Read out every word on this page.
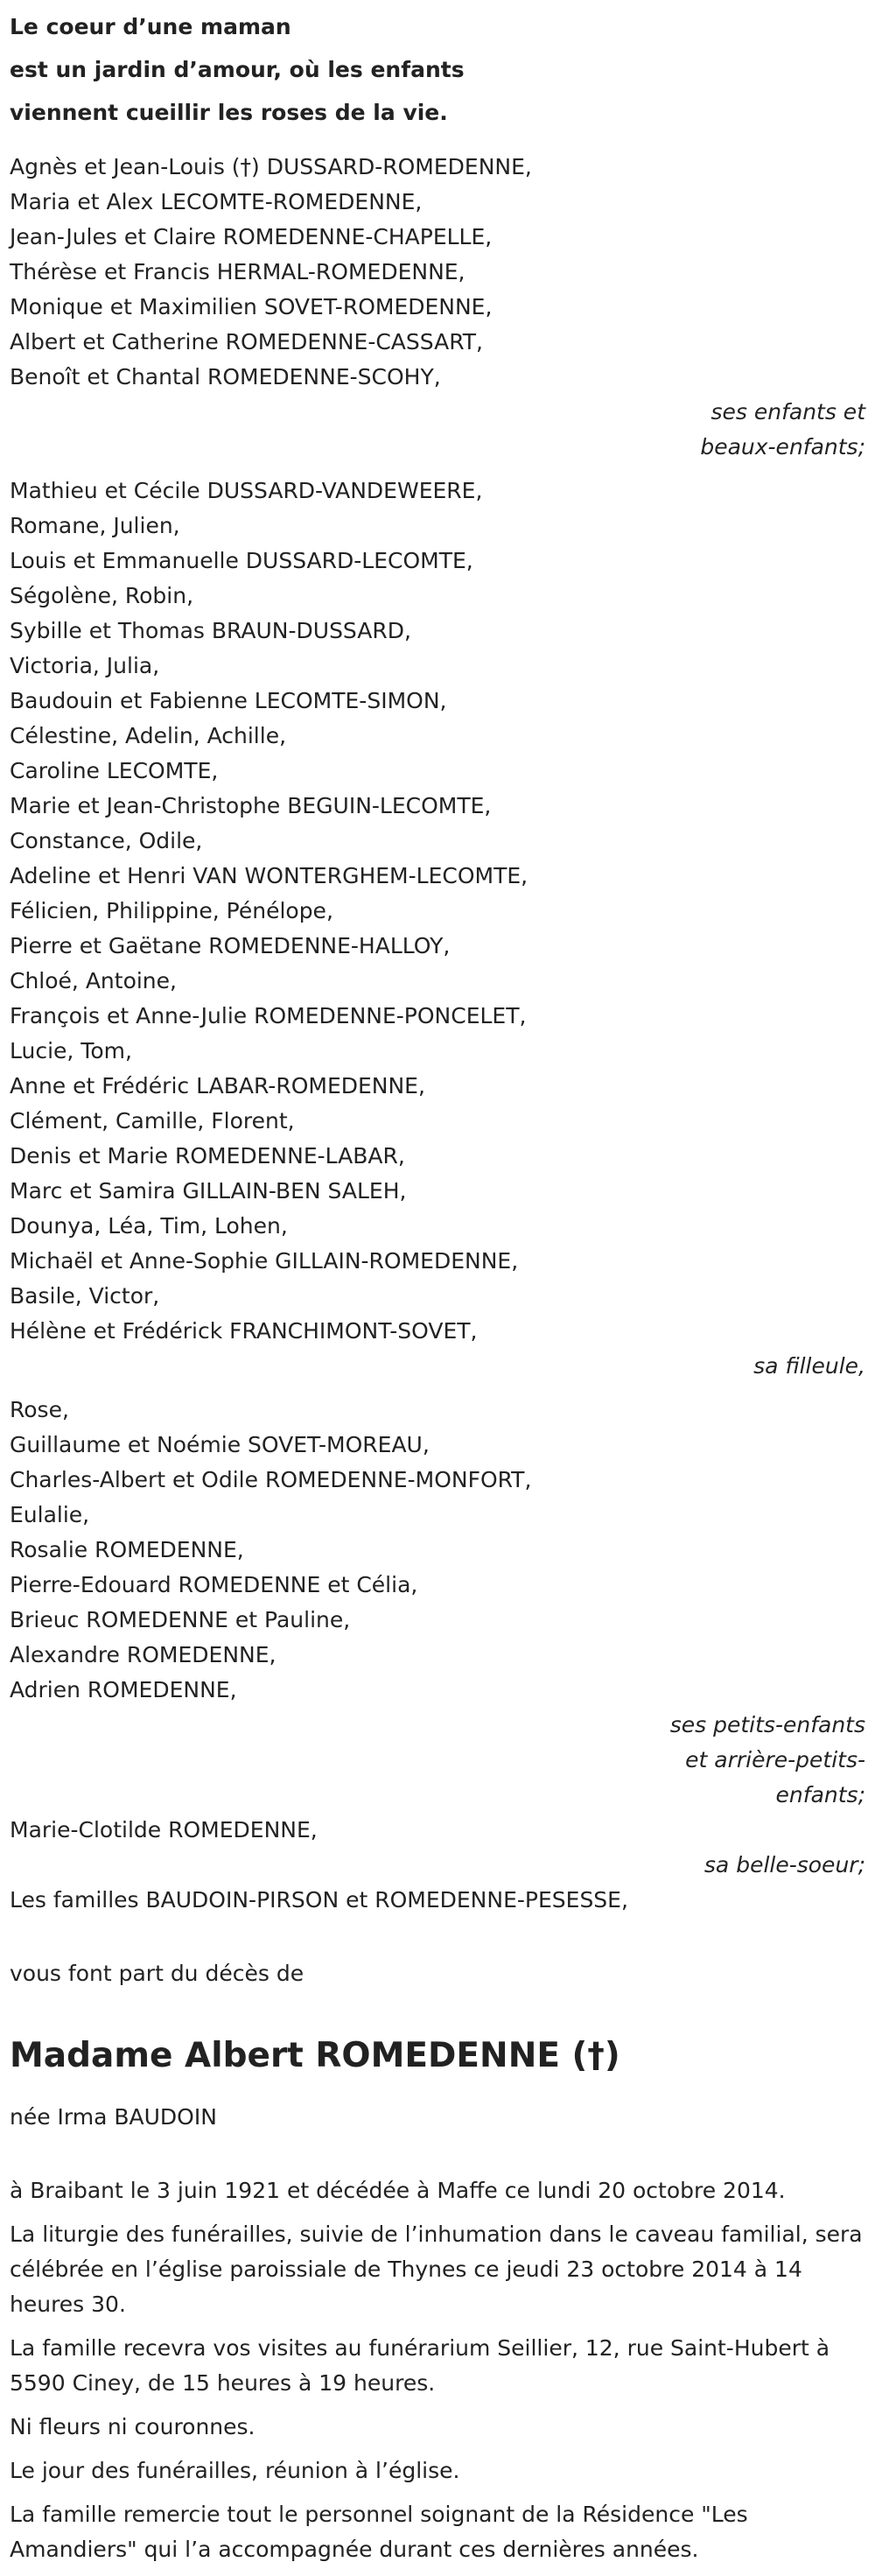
Le coeur d’une maman
est un jardin d’amour, où les enfants
viennent cueillir les roses de la vie.
Agnès et Jean-Louis (†) DUSSARD-ROMEDENNE,
Maria et Alex LECOMTE-ROMEDENNE,
Jean-Jules et Claire ROMEDENNE-CHAPELLE,
Thérèse et Francis HERMAL-ROMEDENNE,
Monique et Maximilien SOVET-ROMEDENNE,
Albert et Catherine ROMEDENNE-CASSART,
Benoît et Chantal ROMEDENNE-SCOHY,
ses enfants et
beaux-enfants;
Mathieu et Cécile DUSSARD-VANDEWEERE,
Romane, Julien,
Louis et Emmanuelle DUSSARD-LECOMTE,
Ségolène, Robin,
Sybille et Thomas BRAUN-DUSSARD,
Victoria, Julia,
Baudouin et Fabienne LECOMTE-SIMON,
Célestine, Adelin, Achille,
Caroline LECOMTE,
Marie et Jean-Christophe BEGUIN-LECOMTE,
Constance, Odile,
Adeline et Henri VAN WONTERGHEM-LECOMTE,
Félicien, Philippine, Pénélope,
Pierre et Gaëtane ROMEDENNE-HALLOY,
Chloé, Antoine,
François et Anne-Julie ROMEDENNE-PONCELET,
Lucie, Tom,
Anne et Frédéric LABAR-ROMEDENNE,
Clément, Camille, Florent,
Denis et Marie ROMEDENNE-LABAR,
Marc et Samira GILLAIN-BEN SALEH,
Dounya, Léa, Tim, Lohen,
Michaël et Anne-Sophie GILLAIN-ROMEDENNE,
Basile, Victor,
Hélène et Frédérick FRANCHIMONT-SOVET,
sa filleule,
Rose,
Guillaume et Noémie SOVET-MOREAU,
Charles-Albert et Odile ROMEDENNE-MONFORT,
Eulalie,
Rosalie ROMEDENNE,
Pierre-Edouard ROMEDENNE et Célia,
Brieuc ROMEDENNE et Pauline,
Alexandre ROMEDENNE,
Adrien ROMEDENNE,
ses petits-enfants
et arrière-petits-
enfants;
Marie-Clotilde ROMEDENNE,
sa belle-soeur;
Les familles BAUDOIN-PIRSON et ROMEDENNE-PESESSE,
vous font part du décès de
Madame Albert ROMEDENNE (†)
née Irma BAUDOIN

à Braibant le 3 juin 1921 et décédée à Maffe ce lundi 20 octobre 2014.

La liturgie des funérailles, suivie de l’inhumation dans le caveau familial, sera célébrée en l’église paroissiale de Thynes ce jeudi 23 octobre 2014 à 14 heures 30.

La famille recevra vos visites au funérarium Seillier, 12, rue Saint-Hubert à 5590 Ciney, de 15 heures à 19 heures.

Ni fleurs ni couronnes.

Le jour des funérailles, réunion à l’église.

La famille remercie tout le personnel soignant de la Résidence "Les Amandiers" qui l’a accompagnée durant ces dernières années.
